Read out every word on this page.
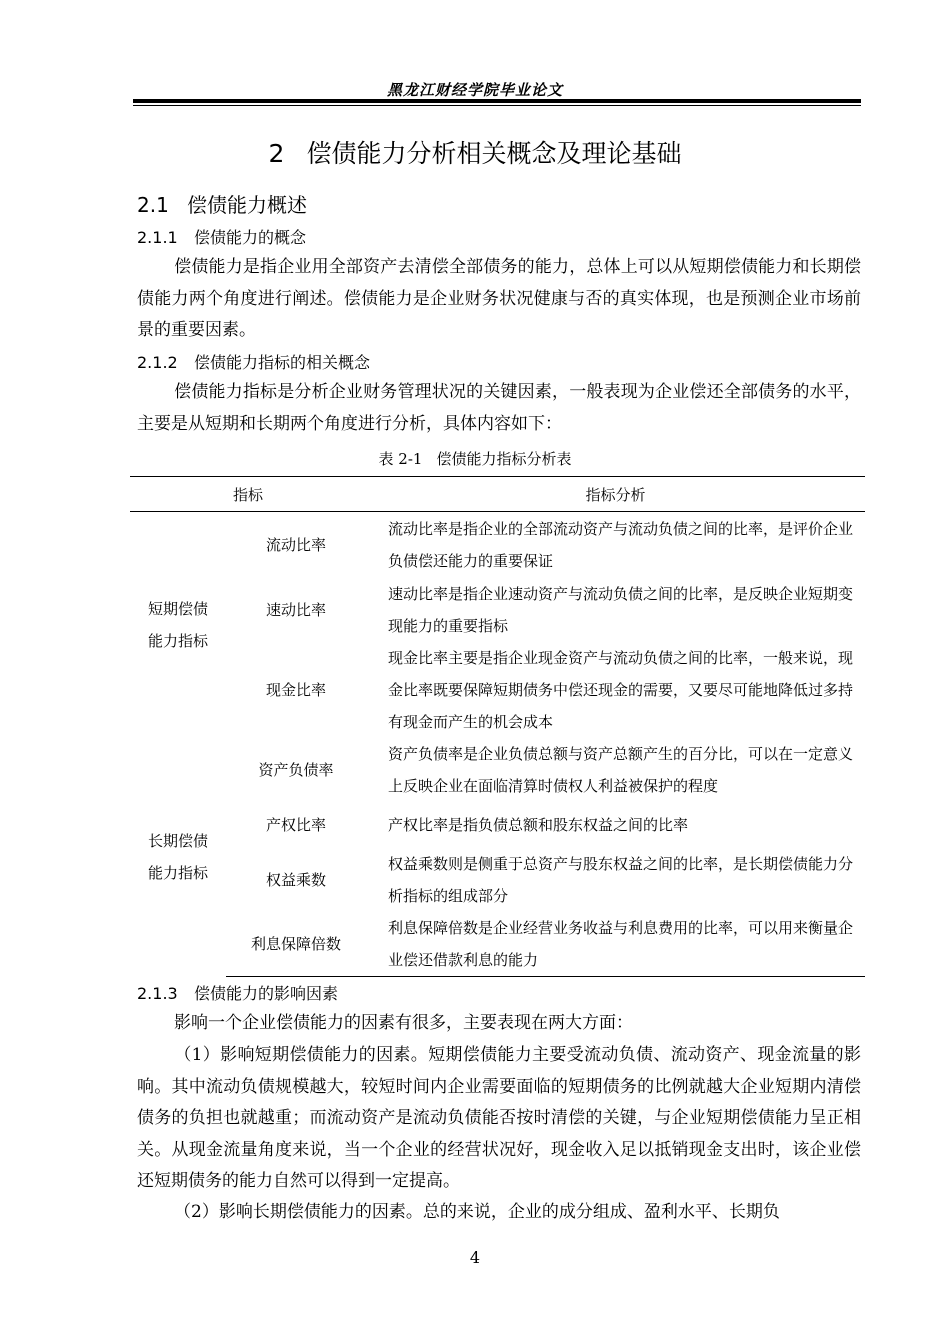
黑龙江财经学院毕业论文
2 偿债能力分析相关概念及理论基础
2.1 偿债能力概述
2.1.1 偿债能力的概念

偿债能力是指企业用全部资产去清偿全部债务的能力，总体上可以从短期偿债能力和长期偿债能力两个角度进行阐述。偿债能力是企业财务状况健康与否的真实体现，也是预测企业市场前景的重要因素。

2.1.2 偿债能力指标的相关概念

偿债能力指标是分析企业财务管理状况的关键因素，一般表现为企业偿还全部债务的水平，主要是从短期和长期两个角度进行分析，具体内容如下：

表 2-1 偿债能力指标分析表
指标		指标分析
短期偿债能力指标	流动比率	流动比率是指企业的全部流动资产与流动负债之间的比率，是评价企业负债偿还能力的重要保证
	速动比率	速动比率是指企业速动资产与流动负债之间的比率，是反映企业短期变现能力的重要指标
	现金比率	现金比率主要是指企业现金资产与流动负债之间的比率，一般来说，现金比率既要保障短期债务中偿还现金的需要，又要尽可能地降低过多持有现金而产生的机会成本
长期偿债能力指标	资产负债率	资产负债率是企业负债总额与资产总额产生的百分比，可以在一定意义上反映企业在面临清算时债权人利益被保护的程度
	产权比率	产权比率是指负债总额和股东权益之间的比率
	权益乘数	权益乘数则是侧重于总资产与股东权益之间的比率，是长期偿债能力分析指标的组成部分
	利息保障倍数	利息保障倍数是企业经营业务收益与利息费用的比率，可以用来衡量企业偿还借款利息的能力
2.1.3 偿债能力的影响因素

影响一个企业偿债能力的因素有很多，主要表现在两大方面：

（1）影响短期偿债能力的因素。短期偿债能力主要受流动负债、流动资产、现金流量的影响。其中流动负债规模越大，较短时间内企业需要面临的短期债务的比例就越大企业短期内清偿债务的负担也就越重；而流动资产是流动负债能否按时清偿的关键，与企业短期偿债能力呈正相关。从现金流量角度来说，当一个企业的经营状况好，现金收入足以抵销现金支出时，该企业偿还短期债务的能力自然可以得到一定提高。

（2）影响长期偿债能力的因素。总的来说，企业的成分组成、盈利水平、长期负

4
